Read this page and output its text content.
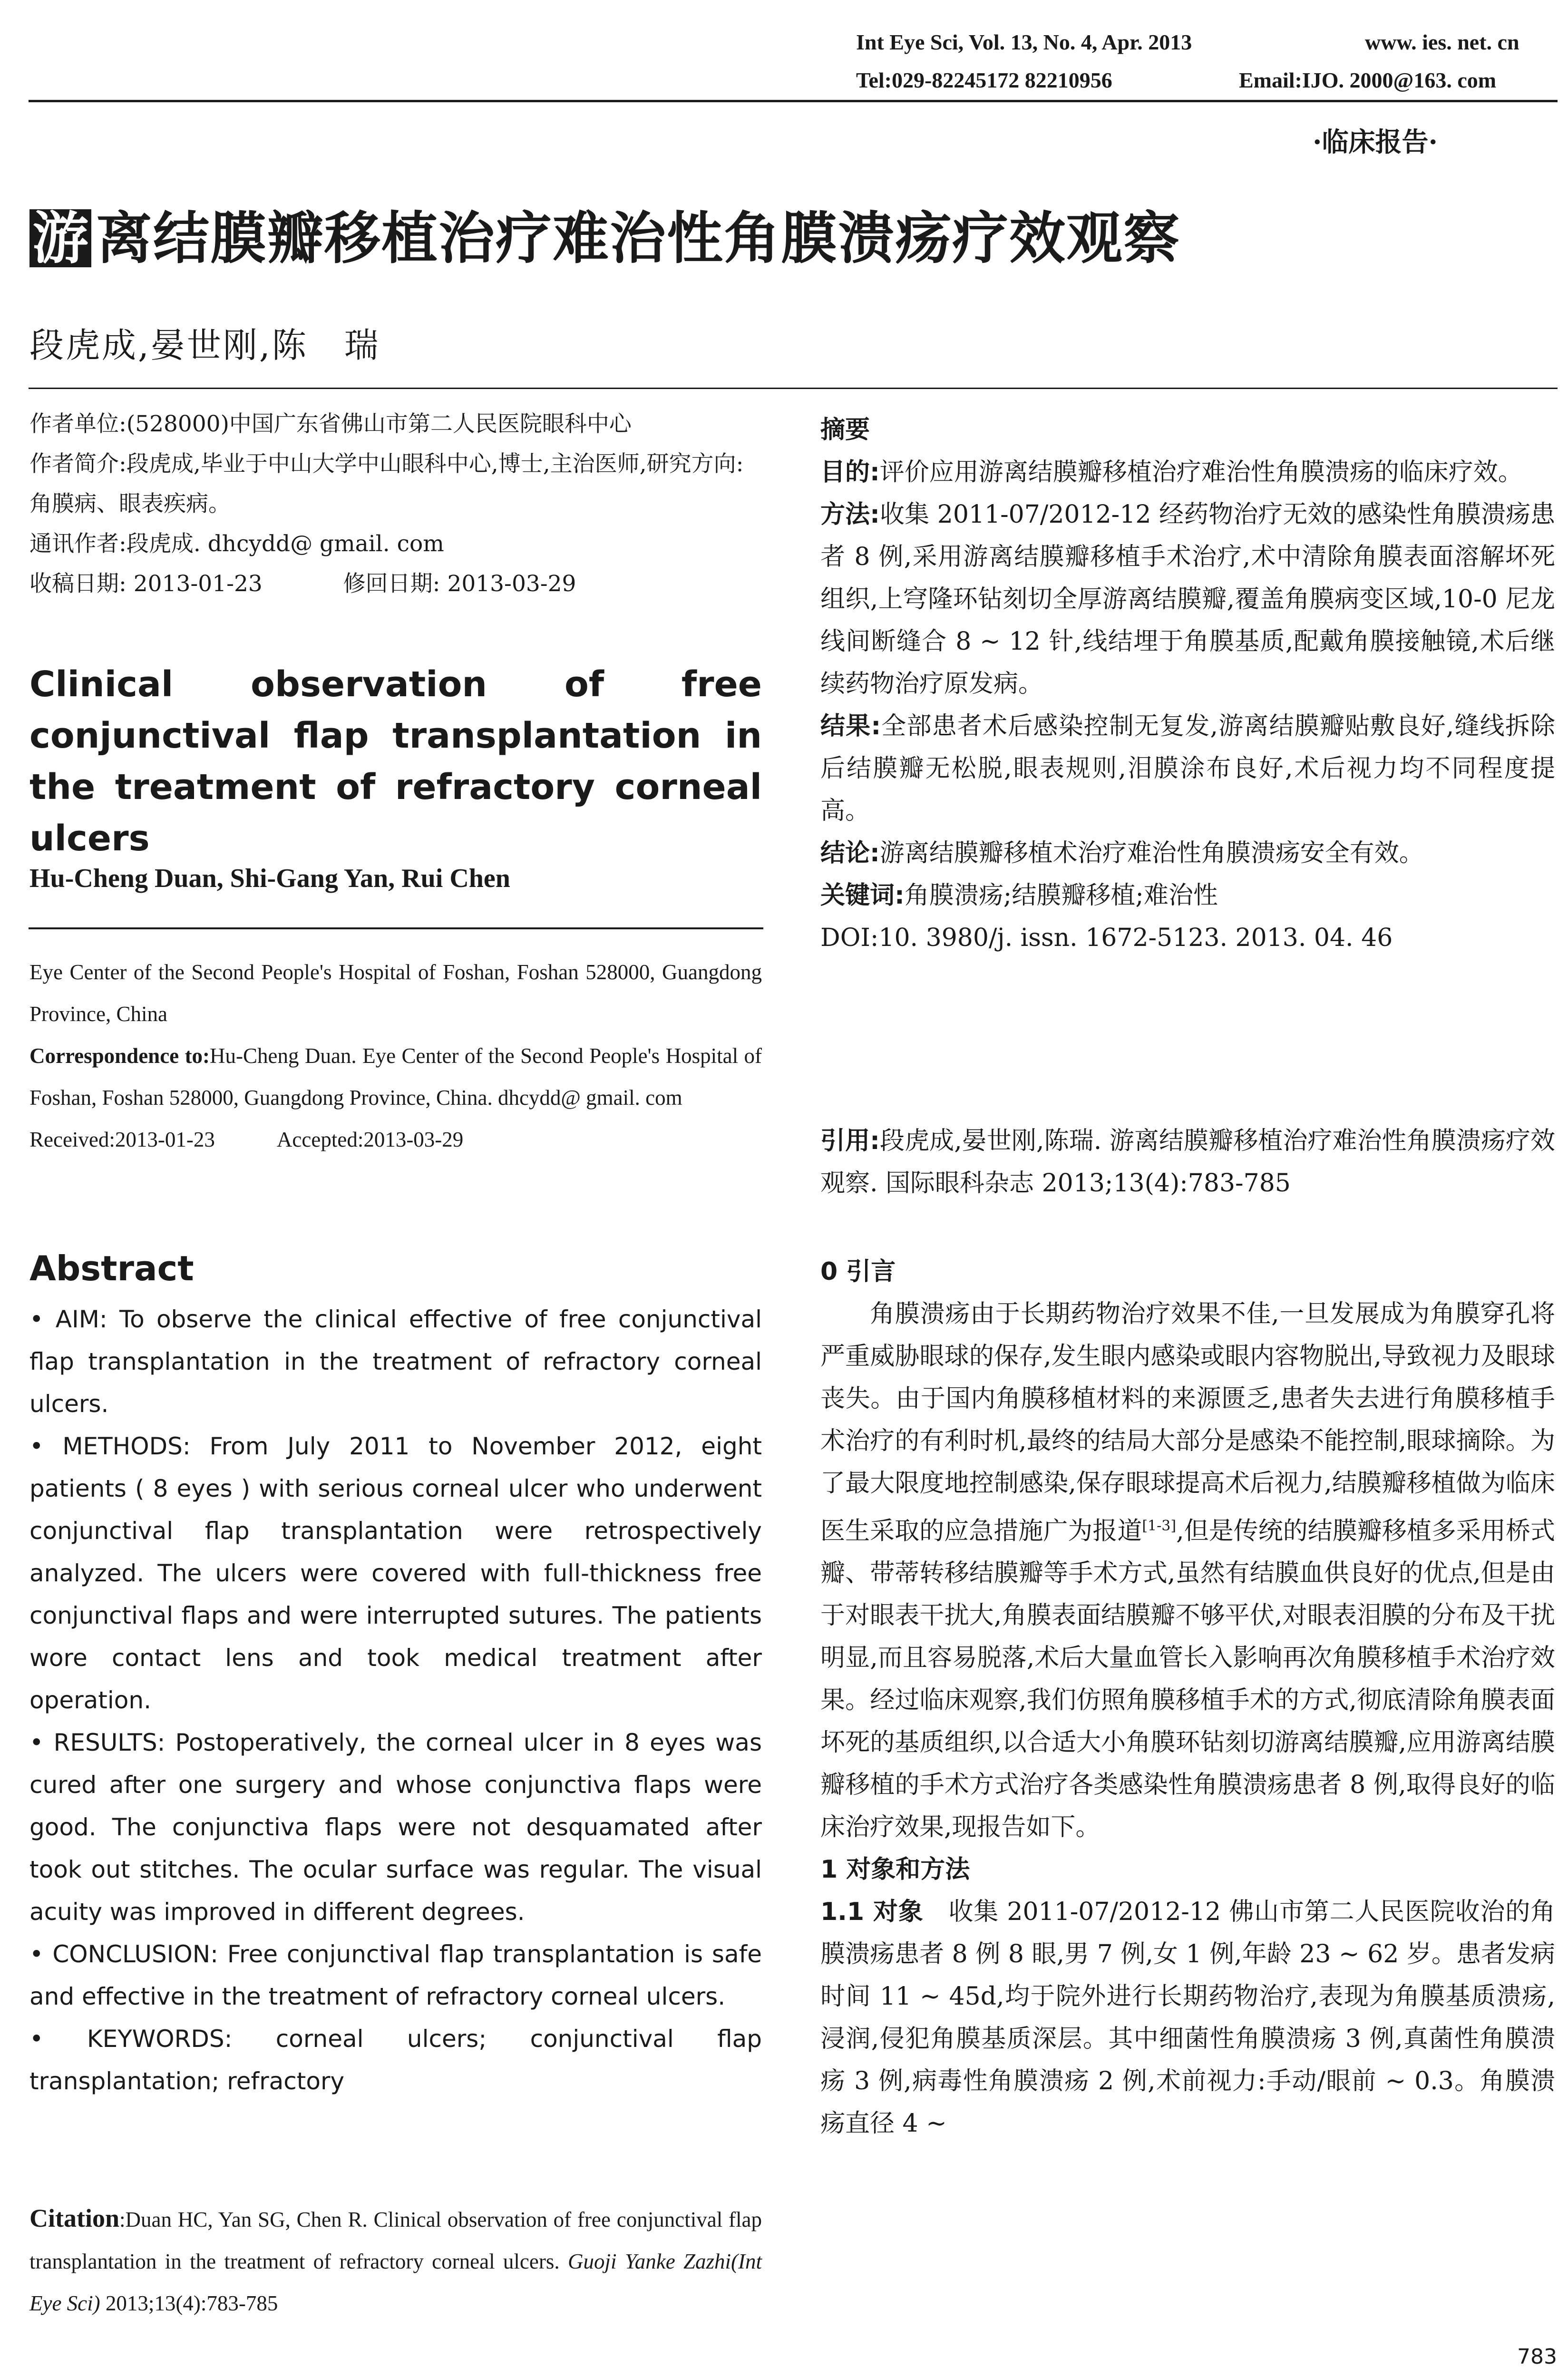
Int Eye Sci, Vol. 13, No. 4, Apr. 2013	www. ies. net. cn
Tel:029-82245172 82210956	Email:IJO. 2000@163. com
·临床报告·
游 离结膜瓣移植治疗难治性角膜溃疡疗效观察
段虎成,晏世刚,陈　瑞

作者单位:(528000)中国广东省佛山市第二人民医院眼科中心

作者简介:段虎成,毕业于中山大学中山眼科中心,博士,主治医师,研究方向:角膜病、眼表疾病。

通讯作者:段虎成. dhcydd@ gmail. com

收稿日期: 2013-01-23	修回日期: 2013-03-29

Clinical observation of free conjunctival flap transplantation in the treatment of refractory corneal ulcers
Hu-Cheng Duan, Shi-Gang Yan, Rui Chen

Eye Center of the Second People's Hospital of Foshan, Foshan 528000, Guangdong Province, China

Correspondence to:Hu-Cheng Duan. Eye Center of the Second People's Hospital of Foshan, Foshan 528000, Guangdong Province, China. dhcydd@ gmail. com

Received:2013-01-23	Accepted:2013-03-29

Abstract

• AIM: To observe the clinical effective of free conjunctival flap transplantation in the treatment of refractory corneal ulcers.

• METHODS: From July 2011 to November 2012, eight patients ( 8 eyes ) with serious corneal ulcer who underwent conjunctival flap transplantation were retrospectively analyzed. The ulcers were covered with full-thickness free conjunctival flaps and were interrupted sutures. The patients wore contact lens and took medical treatment after operation.

• RESULTS: Postoperatively, the corneal ulcer in 8 eyes was cured after one surgery and whose conjunctiva flaps were good. The conjunctiva flaps were not desquamated after took out stitches. The ocular surface was regular. The visual acuity was improved in different degrees.

• CONCLUSION: Free conjunctival flap transplantation is safe and effective in the treatment of refractory corneal ulcers.

• KEYWORDS: corneal ulcers; conjunctival flap transplantation; refractory

Citation:Duan HC, Yan SG, Chen R. Clinical observation of free conjunctival flap transplantation in the treatment of refractory corneal ulcers. Guoji Yanke Zazhi(Int Eye Sci) 2013;13(4):783-785

摘要

目的:评价应用游离结膜瓣移植治疗难治性角膜溃疡的临床疗效。

方法:收集 2011-07/2012-12 经药物治疗无效的感染性角膜溃疡患者 8 例,采用游离结膜瓣移植手术治疗,术中清除角膜表面溶解坏死组织,上穹隆环钻刻切全厚游离结膜瓣,覆盖角膜病变区域,10-0 尼龙线间断缝合 8 ~ 12 针,线结埋于角膜基质,配戴角膜接触镜,术后继续药物治疗原发病。

结果:全部患者术后感染控制无复发,游离结膜瓣贴敷良好,缝线拆除后结膜瓣无松脱,眼表规则,泪膜涂布良好,术后视力均不同程度提高。

结论:游离结膜瓣移植术治疗难治性角膜溃疡安全有效。

关键词:角膜溃疡;结膜瓣移植;难治性

DOI:10. 3980/j. issn. 1672-5123. 2013. 04. 46

引用:段虎成,晏世刚,陈瑞. 游离结膜瓣移植治疗难治性角膜溃疡疗效观察. 国际眼科杂志 2013;13(4):783-785

0 引言

角膜溃疡由于长期药物治疗效果不佳,一旦发展成为角膜穿孔将严重威胁眼球的保存,发生眼内感染或眼内容物脱出,导致视力及眼球丧失。由于国内角膜移植材料的来源匮乏,患者失去进行角膜移植手术治疗的有利时机,最终的结局大部分是感染不能控制,眼球摘除。为了最大限度地控制感染,保存眼球提高术后视力,结膜瓣移植做为临床医生采取的应急措施广为报道[1-3],但是传统的结膜瓣移植多采用桥式瓣、带蒂转移结膜瓣等手术方式,虽然有结膜血供良好的优点,但是由于对眼表干扰大,角膜表面结膜瓣不够平伏,对眼表泪膜的分布及干扰明显,而且容易脱落,术后大量血管长入影响再次角膜移植手术治疗效果。经过临床观察,我们仿照角膜移植手术的方式,彻底清除角膜表面坏死的基质组织,以合适大小角膜环钻刻切游离结膜瓣,应用游离结膜瓣移植的手术方式治疗各类感染性角膜溃疡患者 8 例,取得良好的临床治疗效果,现报告如下。

1 对象和方法

1.1 对象　收集 2011-07/2012-12 佛山市第二人民医院收治的角膜溃疡患者 8 例 8 眼,男 7 例,女 1 例,年龄 23 ~ 62 岁。患者发病时间 11 ~ 45d,均于院外进行长期药物治疗,表现为角膜基质溃疡,浸润,侵犯角膜基质深层。其中细菌性角膜溃疡 3 例,真菌性角膜溃疡 3 例,病毒性角膜溃疡 2 例,术前视力:手动/眼前 ~ 0.3。角膜溃疡直径 4 ~

783
